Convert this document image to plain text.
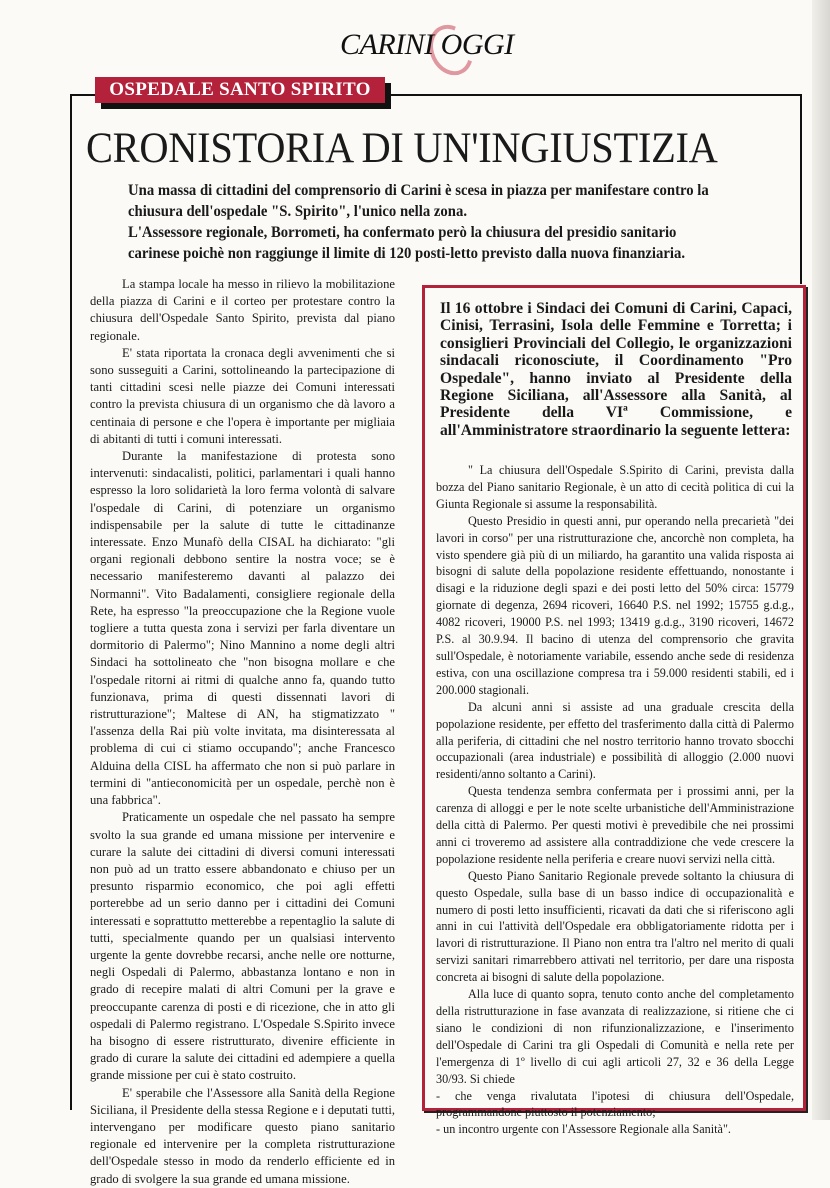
CARINI OGGI
OSPEDALE SANTO SPIRITO
CRONISTORIA DI UN'INGIUSTIZIA

Una massa di cittadini del comprensorio di Carini è scesa in piazza per manifestare contro la chiusura dell'ospedale "S. Spirito", l'unico nella zona.

L'Assessore regionale, Borrometi, ha confermato però la chiusura del presidio sanitario carinese poichè non raggiunge il limite di 120 posti-letto previsto dalla nuova finanziaria.

La stampa locale ha messo in rilievo la mobilitazione della piazza di Carini e il corteo per protestare contro la chiusura dell'Ospedale Santo Spirito, prevista dal piano regionale.

E' stata riportata la cronaca degli avvenimenti che si sono susseguiti a Carini, sottolineando la partecipazione di tanti cittadini scesi nelle piazze dei Comuni interessati contro la prevista chiusura di un organismo che dà lavoro a centinaia di persone e che l'opera è importante per migliaia di abitanti di tutti i comuni interessati.

Durante la manifestazione di protesta sono intervenuti: sindacalisti, politici, parlamentari i quali hanno espresso la loro solidarietà la loro ferma volontà di salvare l'ospedale di Carini, di potenziare un organismo indispensabile per la salute di tutte le cittadinanze interessate. Enzo Munafò della CISAL ha dichiarato: "gli organi regionali debbono sentire la nostra voce; se è necessario manifesteremo davanti al palazzo dei Normanni". Vito Badalamenti, consigliere regionale della Rete, ha espresso "la preoccupazione che la Regione vuole togliere a tutta questa zona i servizi per farla diventare un dormitorio di Palermo"; Nino Mannino a nome degli altri Sindaci ha sottolineato che "non bisogna mollare e che l'ospedale ritorni ai ritmi di qualche anno fa, quando tutto funzionava, prima di questi dissennati lavori di ristrutturazione"; Maltese di AN, ha stigmatizzato " l'assenza della Rai più volte invitata, ma disinteressata al problema di cui ci stiamo occupando"; anche Francesco Alduina della CISL ha affermato che non si può parlare in termini di "antieconomicità per un ospedale, perchè non è una fabbrica".

Praticamente un ospedale che nel passato ha sempre svolto la sua grande ed umana missione per intervenire e curare la salute dei cittadini di diversi comuni interessati non può ad un tratto essere abbandonato e chiuso per un presunto risparmio economico, che poi agli effetti porterebbe ad un serio danno per i cittadini dei Comuni interessati e soprattutto metterebbe a repentaglio la salute di tutti, specialmente quando per un qualsiasi intervento urgente la gente dovrebbe recarsi, anche nelle ore notturne, negli Ospedali di Palermo, abbastanza lontano e non in grado di recepire malati di altri Comuni per la grave e preoccupante carenza di posti e di ricezione, che in atto gli ospedali di Palermo registrano. L'Ospedale S.Spirito invece ha bisogno di essere ristrutturato, divenire efficiente in grado di curare la salute dei cittadini ed adempiere a quella grande missione per cui è stato costruito.

E' sperabile che l'Assessore alla Sanità della Regione Siciliana, il Presidente della stessa Regione e i deputati tutti, intervengano per modificare questo piano sanitario regionale ed intervenire per la completa ristrutturazione dell'Ospedale stesso in modo da renderlo efficiente ed in grado di svolgere la sua grande ed umana missione.

Il 16 ottobre i Sindaci dei Comuni di Carini, Capaci, Cinisi, Terrasini, Isola delle Femmine e Torretta; i consiglieri Provinciali del Collegio, le organizzazioni sindacali riconosciute, il Coordinamento "Pro Ospedale", hanno inviato al Presidente della Regione Siciliana, all'Assessore alla Sanità, al Presidente della VIª Commissione, e all'Amministratore straordinario la seguente lettera:

" La chiusura dell'Ospedale S.Spirito di Carini, prevista dalla bozza del Piano sanitario Regionale, è un atto di cecità politica di cui la Giunta Regionale si assume la responsabilità.

Questo Presidio in questi anni, pur operando nella precarietà "dei lavori in corso" per una ristrutturazione che, ancorchè non completa, ha visto spendere già più di un miliardo, ha garantito una valida risposta ai bisogni di salute della popolazione residente effettuando, nonostante i disagi e la riduzione degli spazi e dei posti letto del 50% circa: 15779 giornate di degenza, 2694 ricoveri, 16640 P.S. nel 1992; 15755 g.d.g., 4082 ricoveri, 19000 P.S. nel 1993; 13419 g.d.g., 3190 ricoveri, 14672 P.S. al 30.9.94. Il bacino di utenza del comprensorio che gravita sull'Ospedale, è notoriamente variabile, essendo anche sede di residenza estiva, con una oscillazione compresa tra i 59.000 residenti stabili, ed i 200.000 stagionali.

Da alcuni anni si assiste ad una graduale crescita della popolazione residente, per effetto del trasferimento dalla città di Palermo alla periferia, di cittadini che nel nostro territorio hanno trovato sbocchi occupazionali (area industriale) e possibilità di alloggio (2.000 nuovi residenti/anno soltanto a Carini).

Questa tendenza sembra confermata per i prossimi anni, per la carenza di alloggi e per le note scelte urbanistiche dell'Amministrazione della città di Palermo. Per questi motivi è prevedibile che nei prossimi anni ci troveremo ad assistere alla contraddizione che vede crescere la popolazione residente nella periferia e creare nuovi servizi nella città.

Questo Piano Sanitario Regionale prevede soltanto la chiusura di questo Ospedale, sulla base di un basso indice di occupazionalità e numero di posti letto insufficienti, ricavati da dati che si riferiscono agli anni in cui l'attività dell'Ospedale era obbligatoriamente ridotta per i lavori di ristrutturazione. Il Piano non entra tra l'altro nel merito di quali servizi sanitari rimarrebbero attivati nel territorio, per dare una risposta concreta ai bisogni di salute della popolazione.

Alla luce di quanto sopra, tenuto conto anche del completamento della ristrutturazione in fase avanzata di realizzazione, si ritiene che ci siano le condizioni di non rifunzionalizzazione, e l'inserimento dell'Ospedale di Carini tra gli Ospedali di Comunità e nella rete per l'emergenza di 1º livello di cui agli articoli 27, 32 e 36 della Legge 30/93. Si chiede

- che venga rivalutata l'ipotesi di chiusura dell'Ospedale, programmandone piuttosto il potenziamento;

- un incontro urgente con l'Assessore Regionale alla Sanità".
